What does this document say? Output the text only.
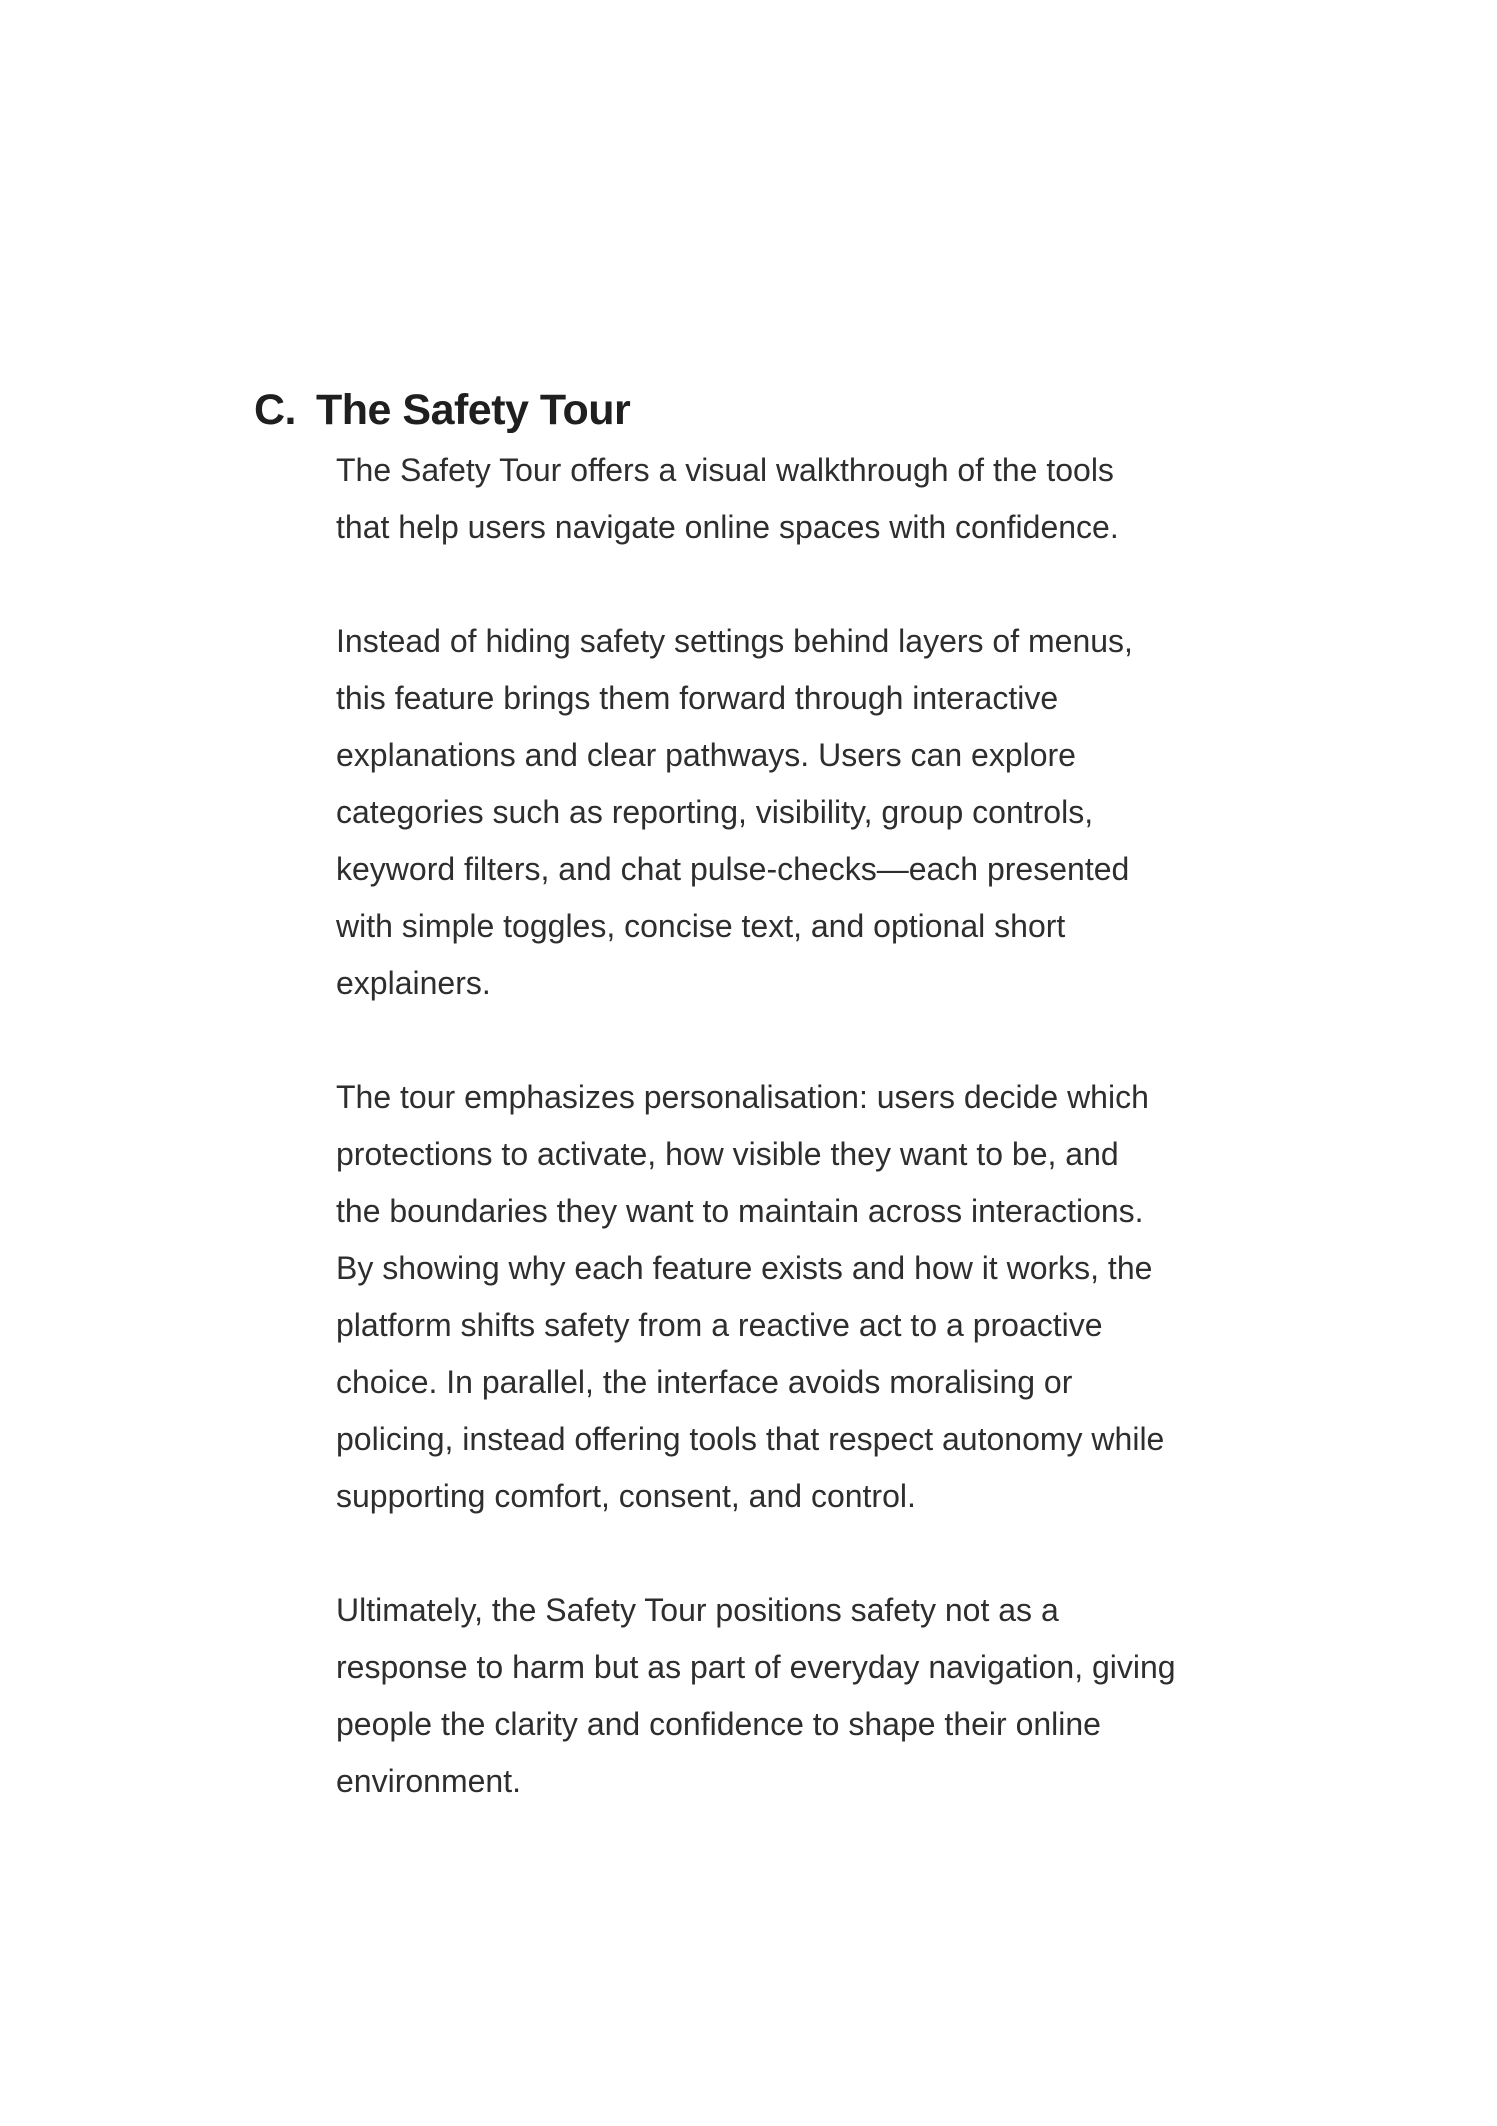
C. The Safety Tour

The Safety Tour offers a visual walkthrough of the tools
that help users navigate online spaces with confidence.

Instead of hiding safety settings behind layers of menus,
this feature brings them forward through interactive
explanations and clear pathways. Users can explore
categories such as reporting, visibility, group controls,
keyword filters, and chat pulse-checks—each presented
with simple toggles, concise text, and optional short
explainers.

The tour emphasizes personalisation: users decide which
protections to activate, how visible they want to be, and
the boundaries they want to maintain across interactions.
By showing why each feature exists and how it works, the
platform shifts safety from a reactive act to a proactive
choice. In parallel, the interface avoids moralising or
policing, instead offering tools that respect autonomy while
supporting comfort, consent, and control.

Ultimately, the Safety Tour positions safety not as a
response to harm but as part of everyday navigation, giving
people the clarity and confidence to shape their online
environment.
